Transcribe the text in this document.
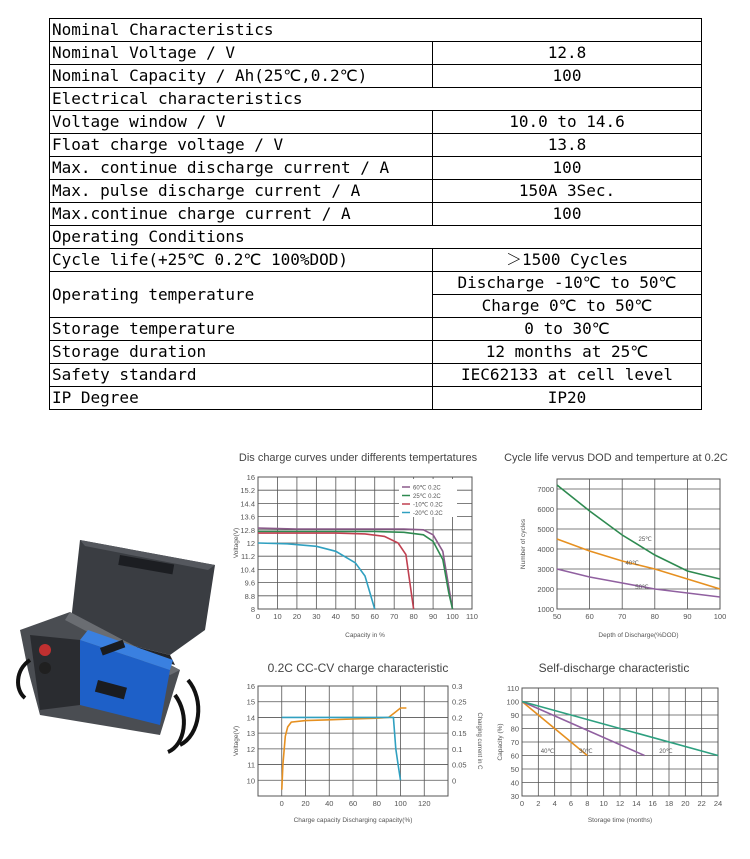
Nominal Characteristics	
Nominal Voltage / V	12.8
Nominal Capacity / Ah(25℃,0.2℃)	100
Electrical characteristics	
Voltage window / V	10.0 to 14.6
Float charge voltage / V	13.8
Max. continue discharge current / A	100
Max. pulse discharge current / A	150A 3Sec.
Max.continue charge current / A	100
Operating Conditions	
Cycle life(+25℃ 0.2℃ 100%DOD)	＞1500 Cycles
Operating temperature	Discharge -10℃ to 50℃
	Charge 0℃ to 50℃
Storage temperature	0 to 30℃
Storage duration	12 months at 25℃
Safety standard	IEC62133 at cell level
IP Degree	IP20
Dis charge curves under differents tempertatures
8
8.8
9.6
10.4
11.2
12
12.8
13.6
14.4
15.2
16
0 10 20 30 40 50 60 70 80 90 100 110
Capacity in %
Voltage(V)
60℃ 0.2C
25℃ 0.2C
-10℃ 0.2C
-20℃ 0.2C
Cycle life vervus DOD and temperture at 0.2C
1000
2000
3000
4000
5000
6000
7000
50	60	70	80	90	100
Depth of Discharge(%DOD)
Number of cycles	25℃
40℃
50℃
0.2C CC-CV charge characteristic
10
11
12
13
14
15
16
0 20 40 60 80 100 120
0
0.05
0.1
0.15
0.2
0.25
0.3
Charging current in C
Charge capacity Discharging capacity(%)
Voltage(V)
Self-discharge characteristic
30
40
50
60
70
80
90
100
110
0 2 4 6 8 10 12 14 16 18 20 22 24
Storage time (months)
Capacity (%)	40℃	30℃	20℃
